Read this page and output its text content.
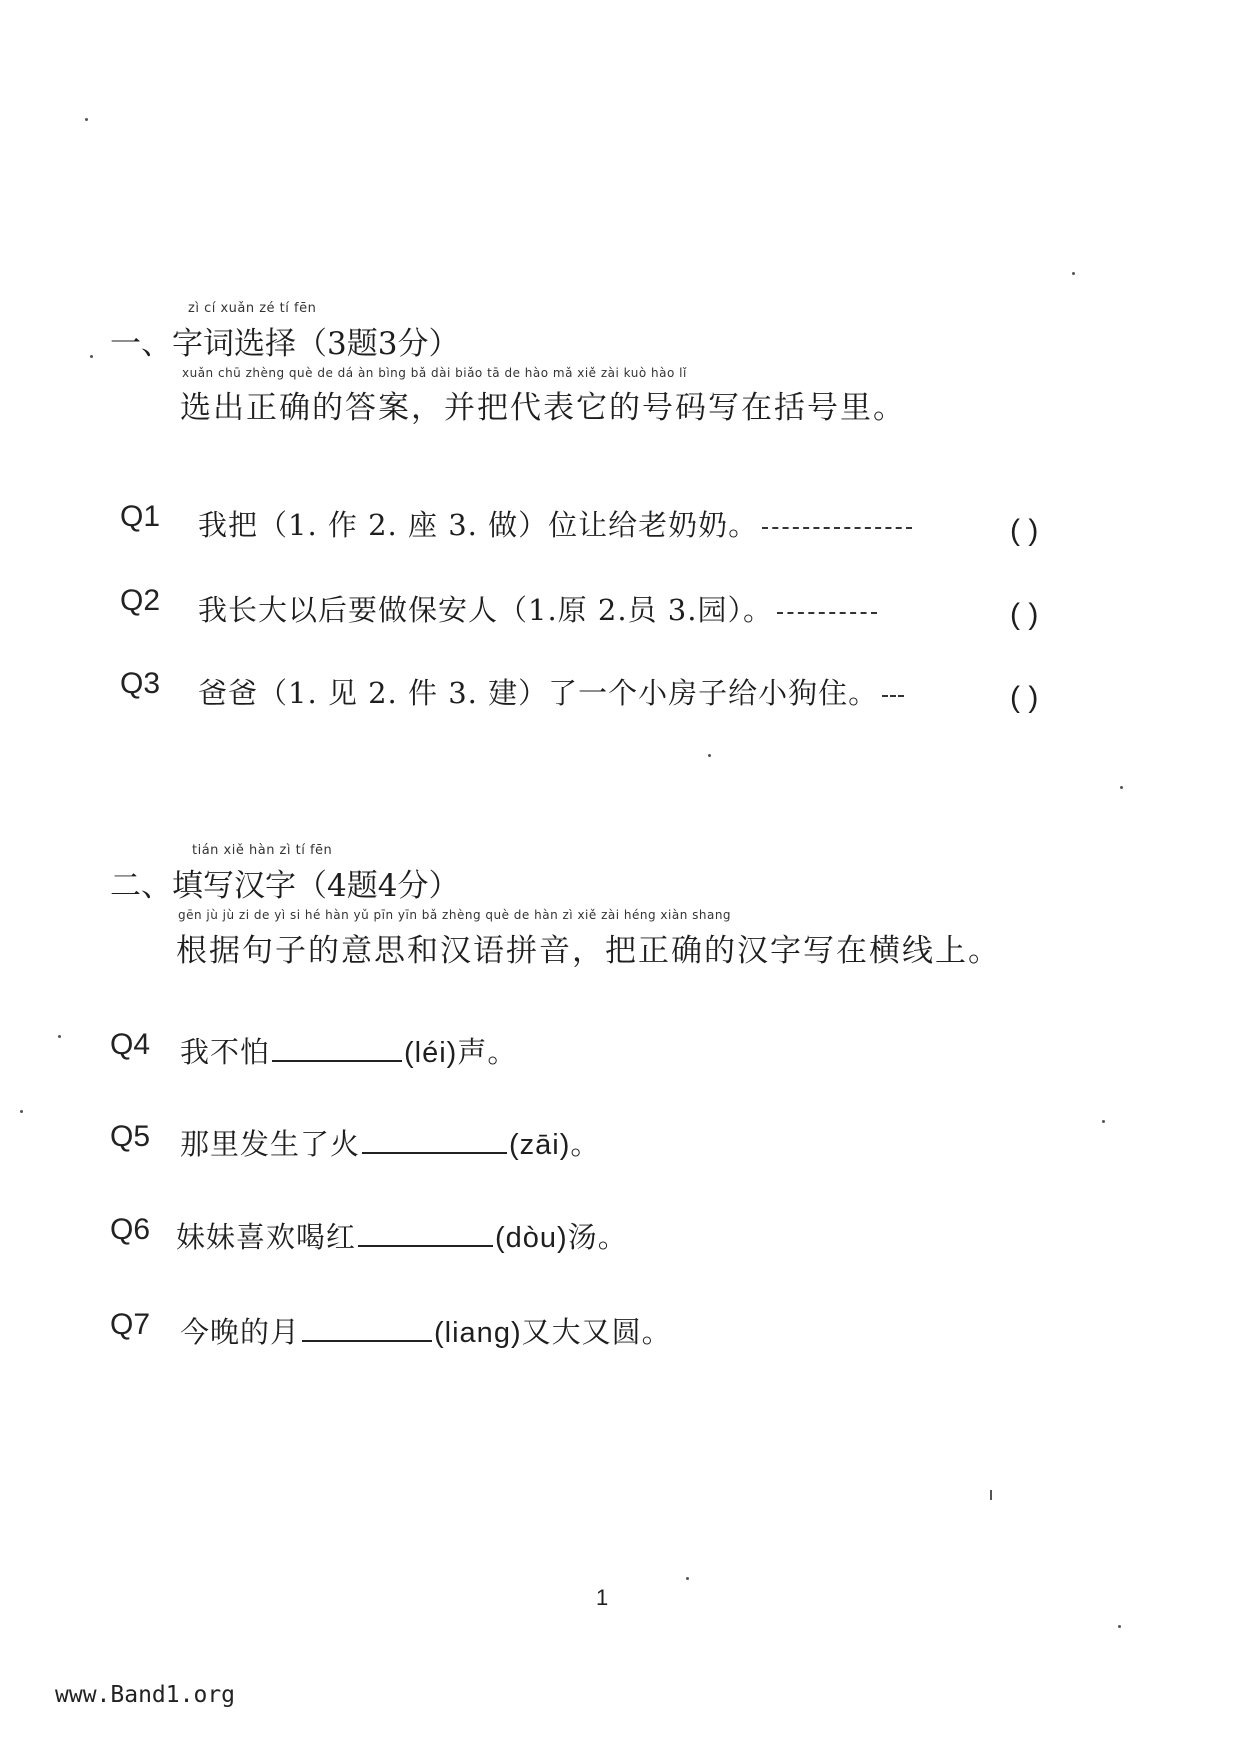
zì cí xuǎn zé tí fēn
一、字词选择（3题3分）
xuǎn chū zhèng què de dá àn bìng bǎ dài biǎo tā de hào mǎ xiě zài kuò hào lǐ
选出正确的答案，并把代表它的号码写在括号里。
Q1 我把（1. 作 2. 座 3. 做）位让给老奶奶。	( )
Q2 我长大以后要做保安人（1.原 2.员 3.园）。	( )
Q3 爸爸（1. 见 2. 件 3. 建）了一个小房子给小狗住。	( )
tián xiě hàn zì tí fēn
二、填写汉字（4题4分）
gēn jù jù zi de yì si hé hàn yǔ pīn yīn bǎ zhèng què de hàn zì xiě zài héng xiàn shang
根据句子的意思和汉语拼音，把正确的汉字写在横线上。
Q4 我不怕	(léi)声。
Q5 那里发生了火	(zāi)。
Q6 妹妹喜欢喝红	(dòu)汤。
Q7 今晚的月	(liang)又大又圆。
1
www.Band1.org
